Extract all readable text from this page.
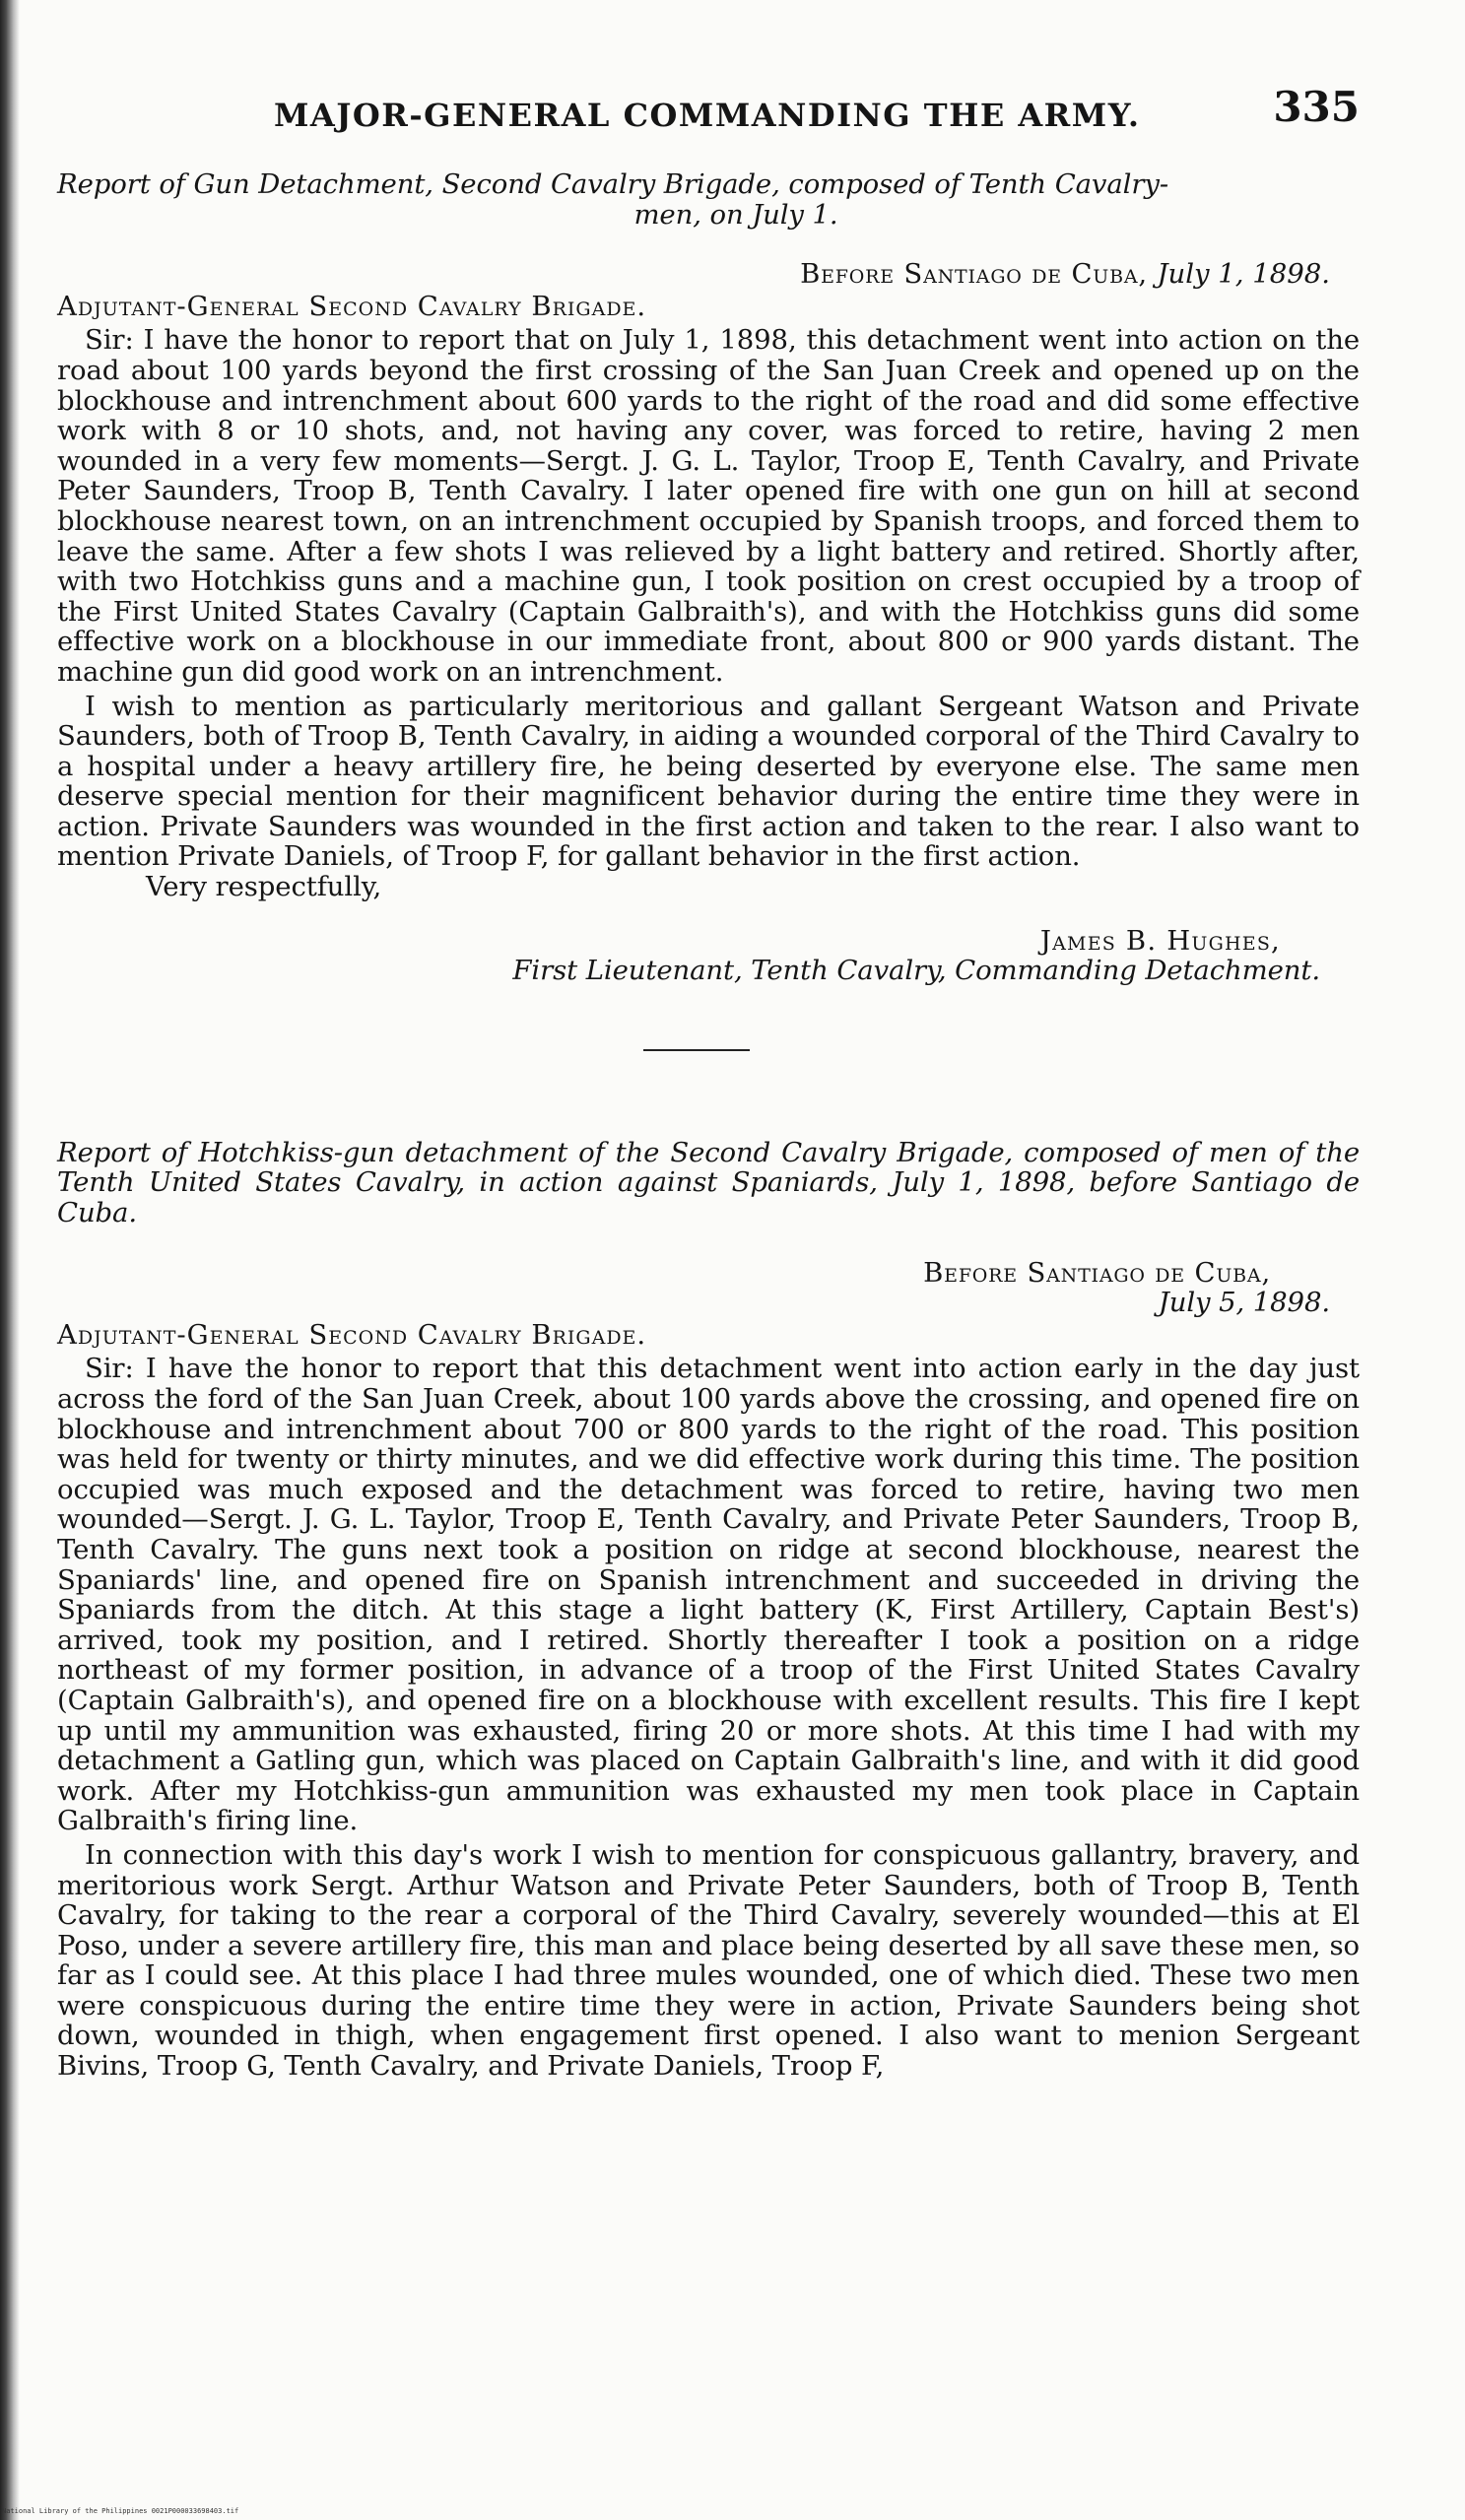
MAJOR-GENERAL COMMANDING THE ARMY.	335
Report of Gun Detachment, Second Cavalry Brigade, composed of Tenth Cavalry-
men, on July 1.
Before Santiago de Cuba, July 1, 1898.
Adjutant-General Second Cavalry Brigade.

Sir: I have the honor to report that on July 1, 1898, this detachment went into action on the road about 100 yards beyond the first crossing of the San Juan Creek and opened up on the blockhouse and intrenchment about 600 yards to the right of the road and did some effective work with 8 or 10 shots, and, not having any cover, was forced to retire, having 2 men wounded in a very few moments—Sergt. J. G. L. Taylor, Troop E, Tenth Cavalry, and Private Peter Saunders, Troop B, Tenth Cavalry. I later opened fire with one gun on hill at second blockhouse nearest town, on an intrenchment occupied by Spanish troops, and forced them to leave the same. After a few shots I was relieved by a light battery and retired. Shortly after, with two Hotchkiss guns and a machine gun, I took position on crest occupied by a troop of the First United States Cavalry (Captain Galbraith's), and with the Hotchkiss guns did some effective work on a blockhouse in our immediate front, about 800 or 900 yards distant. The machine gun did good work on an intrenchment.

I wish to mention as particularly meritorious and gallant Sergeant Watson and Private Saunders, both of Troop B, Tenth Cavalry, in aiding a wounded corporal of the Third Cavalry to a hospital under a heavy artillery fire, he being deserted by everyone else. The same men deserve special mention for their magnificent behavior during the entire time they were in action. Private Saunders was wounded in the first action and taken to the rear. I also want to mention Private Daniels, of Troop F, for gallant behavior in the first action.

Very respectfully,
James B. Hughes,
First Lieutenant, Tenth Cavalry, Commanding Detachment.
Report of Hotchkiss-gun detachment of the Second Cavalry Brigade, composed of men of the Tenth United States Cavalry, in action against Spaniards, July 1, 1898, before Santiago de Cuba.
Before Santiago de Cuba,
July 5, 1898.
Adjutant-General Second Cavalry Brigade.

Sir: I have the honor to report that this detachment went into action early in the day just across the ford of the San Juan Creek, about 100 yards above the crossing, and opened fire on blockhouse and intrenchment about 700 or 800 yards to the right of the road. This position was held for twenty or thirty minutes, and we did effective work during this time. The position occupied was much exposed and the detachment was forced to retire, having two men wounded—Sergt. J. G. L. Taylor, Troop E, Tenth Cavalry, and Private Peter Saunders, Troop B, Tenth Cavalry. The guns next took a position on ridge at second blockhouse, nearest the Spaniards' line, and opened fire on Spanish intrenchment and succeeded in driving the Spaniards from the ditch. At this stage a light battery (K, First Artillery, Captain Best's) arrived, took my position, and I retired. Shortly thereafter I took a position on a ridge northeast of my former position, in advance of a troop of the First United States Cavalry (Captain Galbraith's), and opened fire on a blockhouse with excellent results. This fire I kept up until my ammunition was exhausted, firing 20 or more shots. At this time I had with my detachment a Gatling gun, which was placed on Captain Galbraith's line, and with it did good work. After my Hotchkiss-gun ammunition was exhausted my men took place in Captain Galbraith's firing line.

In connection with this day's work I wish to mention for conspicuous gallantry, bravery, and meritorious work Sergt. Arthur Watson and Private Peter Saunders, both of Troop B, Tenth Cavalry, for taking to the rear a corporal of the Third Cavalry, severely wounded—this at El Poso, under a severe artillery fire, this man and place being deserted by all save these men, so far as I could see. At this place I had three mules wounded, one of which died. These two men were conspicuous during the entire time they were in action, Private Saunders being shot down, wounded in thigh, when engagement first opened. I also want to menion Sergeant Bivins, Troop G, Tenth Cavalry, and Private Daniels, Troop F,

National Library of the Philippines 0021P000033698403.tif
